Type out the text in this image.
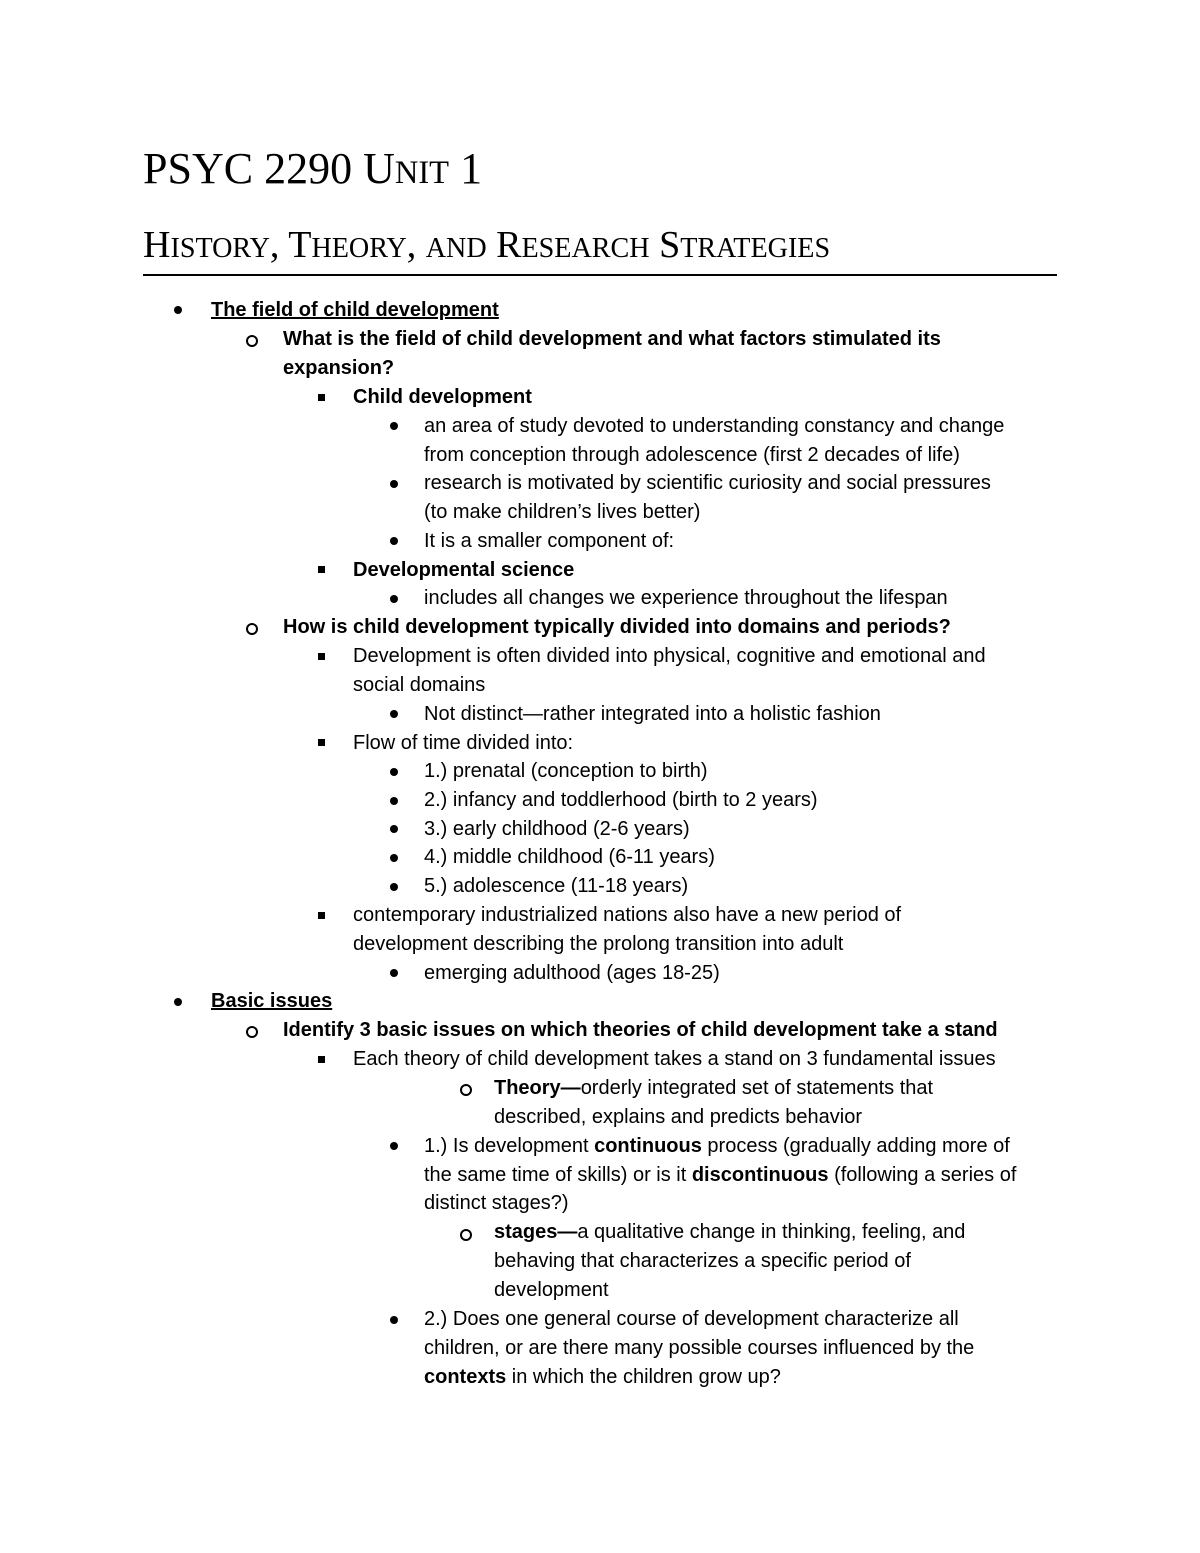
PSYC 2290 UNIT 1
HISTORY, THEORY, AND RESEARCH STRATEGIES
The field of child development
What is the field of child development and what factors stimulated its
expansion?
Child development
an area of study devoted to understanding constancy and change
from conception through adolescence (first 2 decades of life)
research is motivated by scientific curiosity and social pressures
(to make children’s lives better)
It is a smaller component of:
Developmental science
includes all changes we experience throughout the lifespan
How is child development typically divided into domains and periods?
Development is often divided into physical, cognitive and emotional and
social domains
Not distinct—rather integrated into a holistic fashion
Flow of time divided into:
1.) prenatal (conception to birth)
2.) infancy and toddlerhood (birth to 2 years)
3.) early childhood (2-6 years)
4.) middle childhood (6-11 years)
5.) adolescence (11-18 years)
contemporary industrialized nations also have a new period of
development describing the prolong transition into adult
emerging adulthood (ages 18-25)
Basic issues
Identify 3 basic issues on which theories of child development take a stand
Each theory of child development takes a stand on 3 fundamental issues
Theory—orderly integrated set of statements that
described, explains and predicts behavior
1.) Is development continuous process (gradually adding more of
the same time of skills) or is it discontinuous (following a series of
distinct stages?)
stages—a qualitative change in thinking, feeling, and
behaving that characterizes a specific period of
development
2.) Does one general course of development characterize all
children, or are there many possible courses influenced by the
contexts in which the children grow up?
